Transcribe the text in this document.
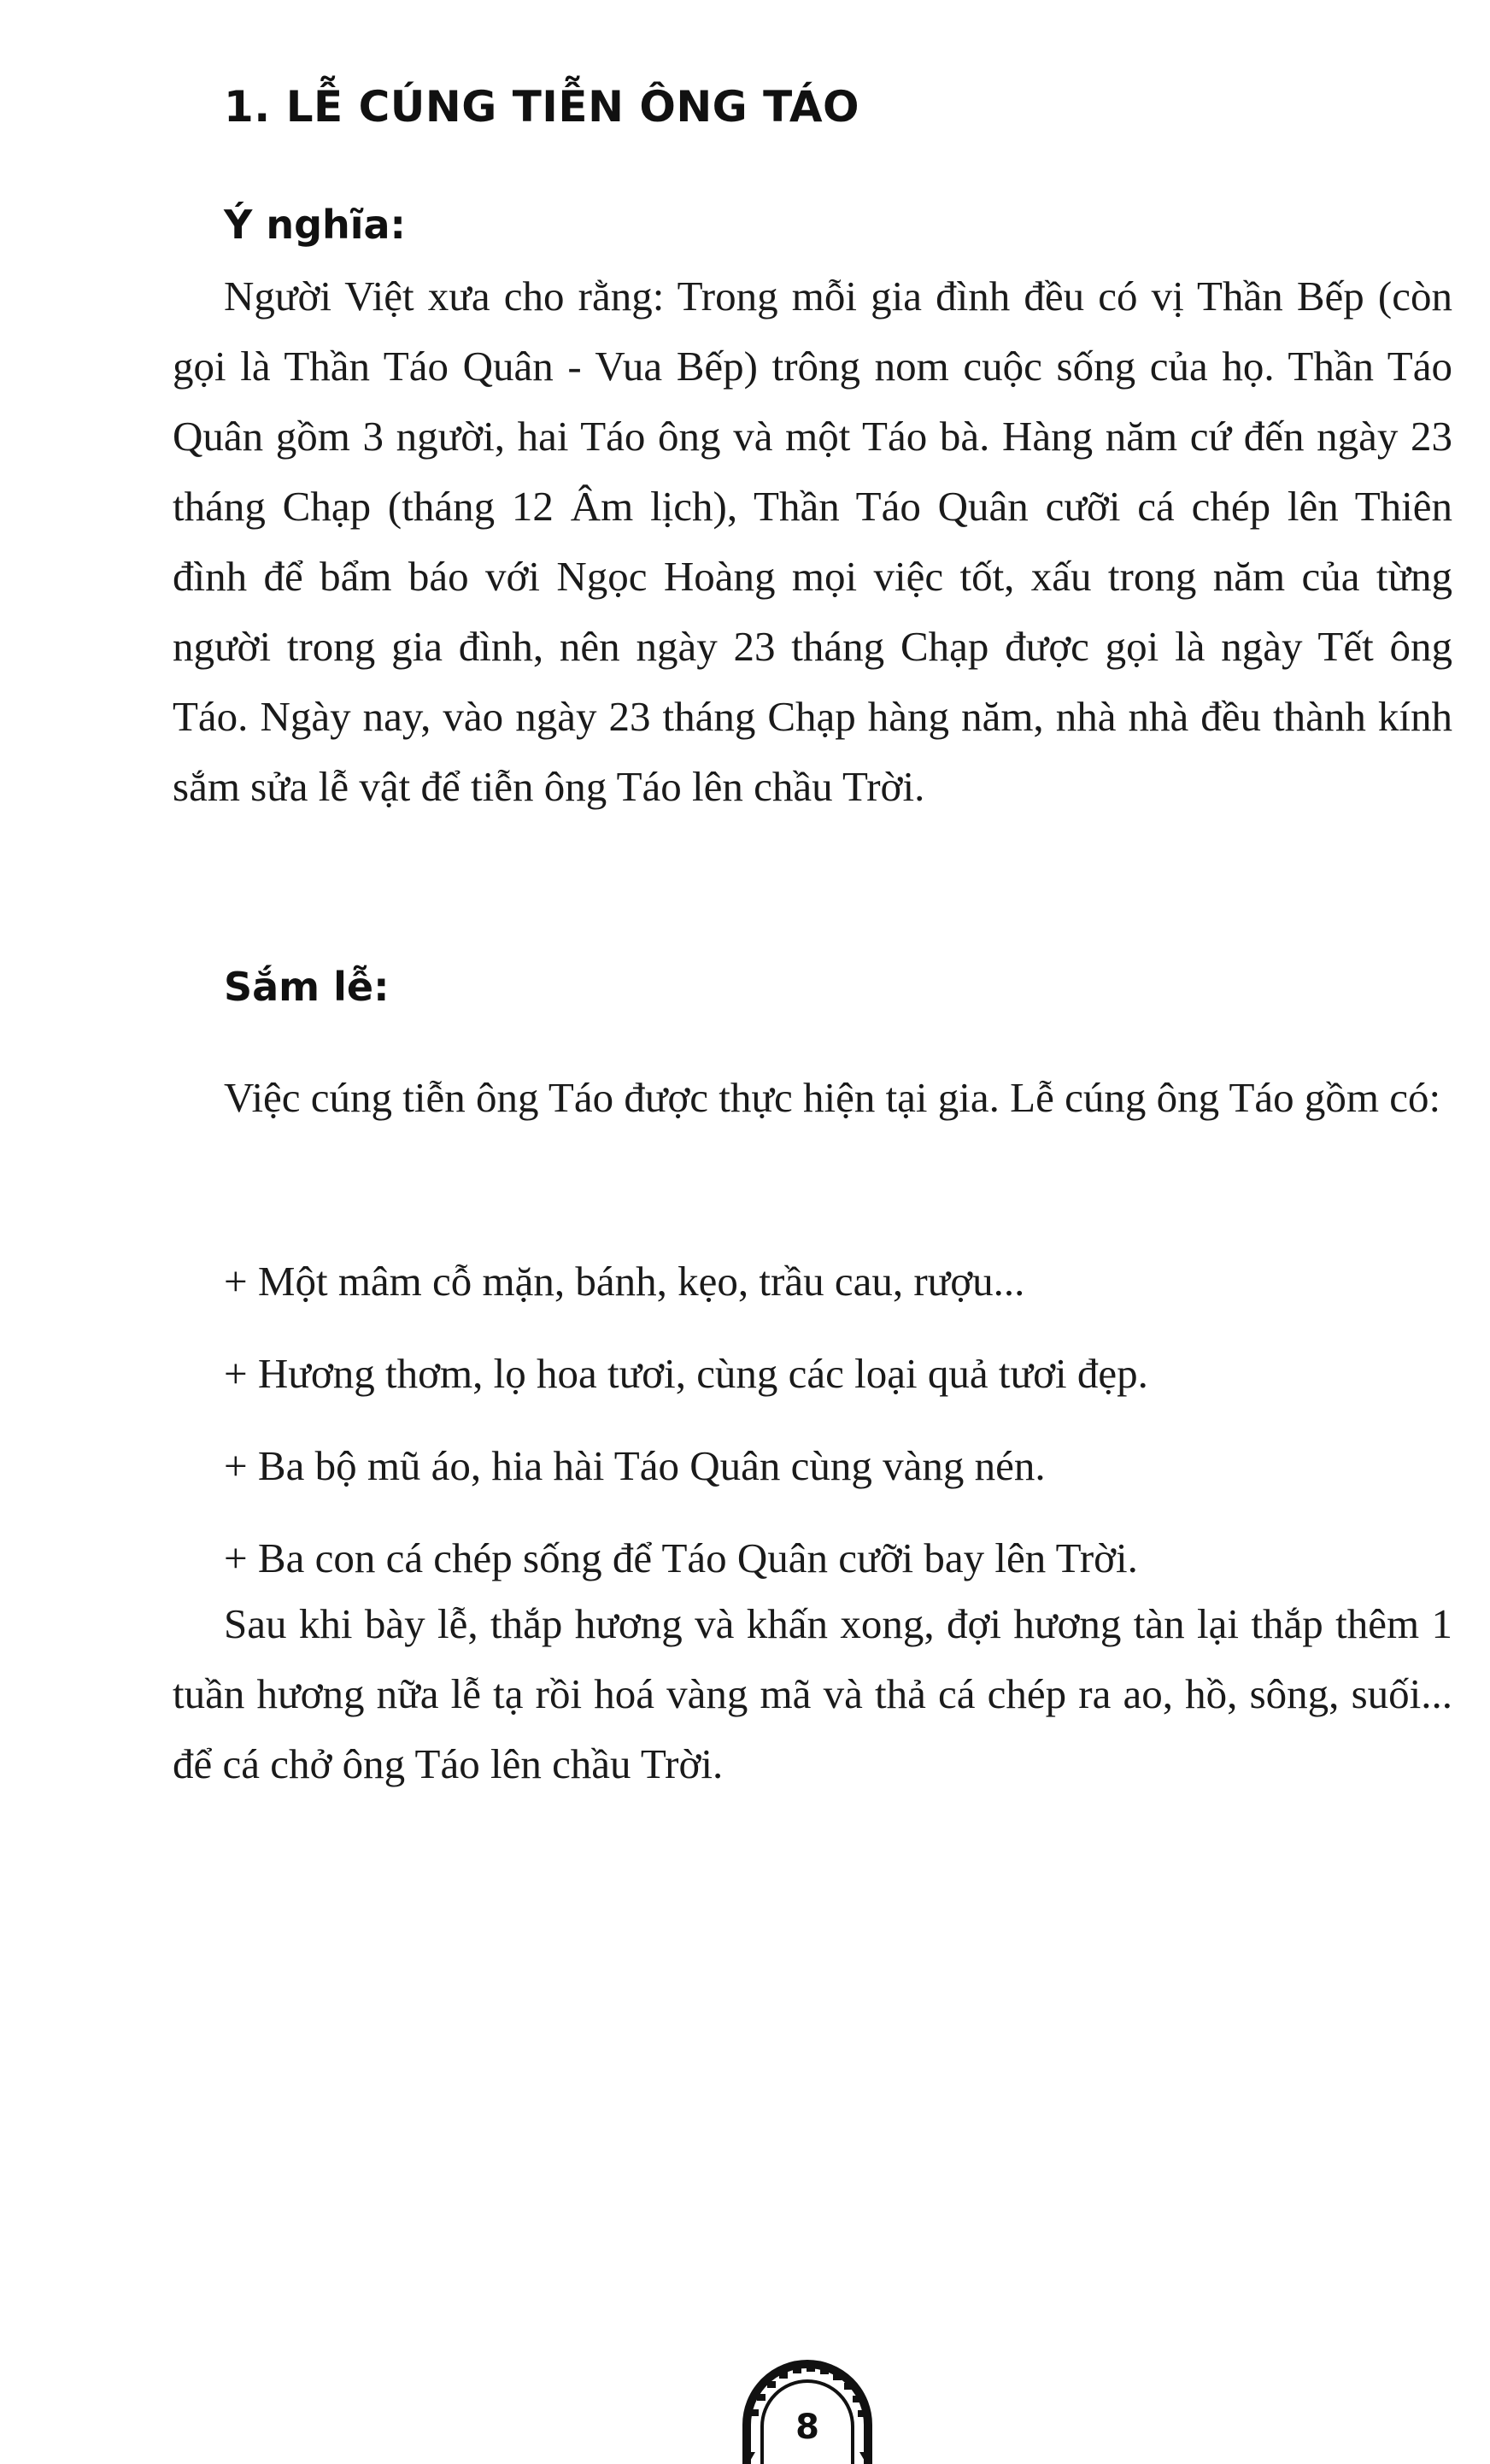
1. LỄ CÚNG TIỄN ÔNG TÁO
Ý nghĩa:

Người Việt xưa cho rằng: Trong mỗi gia đình đều có vị Thần Bếp (còn gọi là Thần Táo Quân - Vua Bếp) trông nom cuộc sống của họ. Thần Táo Quân gồm 3 người, hai Táo ông và một Táo bà. Hàng năm cứ đến ngày 23 tháng Chạp (tháng 12 Âm lịch), Thần Táo Quân cưỡi cá chép lên Thiên đình để bẩm báo với Ngọc Hoàng mọi việc tốt, xấu trong năm của từng người trong gia đình, nên ngày 23 tháng Chạp được gọi là ngày Tết ông Táo. Ngày nay, vào ngày 23 tháng Chạp hàng năm, nhà nhà đều thành kính sắm sửa lễ vật để tiễn ông Táo lên chầu Trời.

Sắm lễ:

Việc cúng tiễn ông Táo được thực hiện tại gia. Lễ cúng ông Táo gồm có:

+ Một mâm cỗ mặn, bánh, kẹo, trầu cau, rượu...
+ Hương thơm, lọ hoa tươi, cùng các loại quả tươi đẹp.
+ Ba bộ mũ áo, hia hài Táo Quân cùng vàng nén.
+ Ba con cá chép sống để Táo Quân cưỡi bay lên Trời.

Sau khi bày lễ, thắp hương và khấn xong, đợi hương tàn lại thắp thêm 1 tuần hương nữa lễ tạ rồi hoá vàng mã và thả cá chép ra ao, hồ, sông, suối... để cá chở ông Táo lên chầu Trời.

8
